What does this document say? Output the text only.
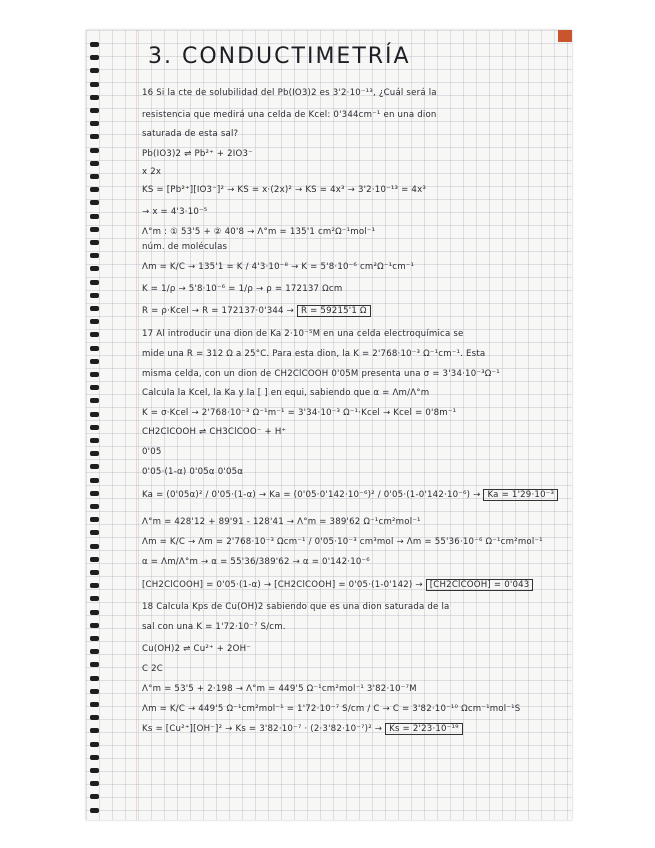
3. CONDUCTIMETRÍA
16 Si la cte de solubilidad del Pb(IO3)2 es 3'2·10⁻¹³, ¿Cuál será la
resistencia que medirá una celda de Kcel: 0'344cm⁻¹ en una dion
saturada de esta sal?
Pb(IO3)2 ⇌ Pb²⁺ + 2IO3⁻
x 2x
KS = [Pb²⁺][IO3⁻]² → KS = x·(2x)² → KS = 4x³ → 3'2·10⁻¹³ = 4x³
→ x = 4'3·10⁻⁵
Λ°m : ① 53'5 + ② 40'8 → Λ°m = 135'1 cm²Ω⁻¹mol⁻¹
núm. de moléculas
Λm = K/C → 135'1 = K / 4'3·10⁻⁸ → K = 5'8·10⁻⁶ cm²Ω⁻¹cm⁻¹
K = 1/ρ → 5'8·10⁻⁶ = 1/ρ → ρ = 172137 Ωcm
R = ρ·Kcel → R = 172137·0'344 → R = 59215'1 Ω
17 Al introducir una dion de Ka 2·10⁻⁵M en una celda electroquímica se
mide una R = 312 Ω a 25°C. Para esta dion, la K = 2'768·10⁻³ Ω⁻¹cm⁻¹. Esta
misma celda, con un dion de CH2ClCOOH 0'05M presenta una σ = 3'34·10⁻³Ω⁻¹
Calcula la Kcel, la Ka y la [ ] en equi, sabiendo que α = Λm/Λ°m
K = σ·Kcel → 2'768·10⁻³ Ω⁻¹m⁻¹ = 3'34·10⁻³ Ω⁻¹·Kcel → Kcel = 0'8m⁻¹
CH2ClCOOH ⇌ CH3ClCOO⁻ + H⁺
0'05
0'05·(1-α) 0'05α 0'05α
Ka = (0'05α)² / 0'05·(1-α) → Ka = (0'05·0'142·10⁻⁶)² / 0'05·(1-0'142·10⁻⁶) → Ka = 1'29·10⁻³
Λ°m = 428'12 + 89'91 - 128'41 → Λ°m = 389'62 Ω⁻¹cm²mol⁻¹
Λm = K/C → Λm = 2'768·10⁻³ Ωcm⁻¹ / 0'05·10⁻³ cm³mol → Λm = 55'36·10⁻⁶ Ω⁻¹cm²mol⁻¹
α = Λm/Λ°m → α = 55'36/389'62 → α = 0'142·10⁻⁶
[CH2ClCOOH] = 0'05·(1-α) → [CH2ClCOOH] = 0'05·(1-0'142) → [CH2ClCOOH] = 0'043
18 Calcula Kps de Cu(OH)2 sabiendo que es una dion saturada de la
sal con una K = 1'72·10⁻⁷ S/cm.
Cu(OH)2 ⇌ Cu²⁺ + 2OH⁻
C 2C
Λ°m = 53'5 + 2·198 → Λ°m = 449'5 Ω⁻¹cm²mol⁻¹ 3'82·10⁻⁷M
Λm = K/C → 449'5 Ω⁻¹cm²mol⁻¹ = 1'72·10⁻⁷ S/cm / C → C = 3'82·10⁻¹⁰ Ωcm⁻¹mol⁻¹S
Ks = [Cu²⁺][OH⁻]² → Ks = 3'82·10⁻⁷ · (2·3'82·10⁻⁷)² → Ks = 2'23·10⁻¹⁹
